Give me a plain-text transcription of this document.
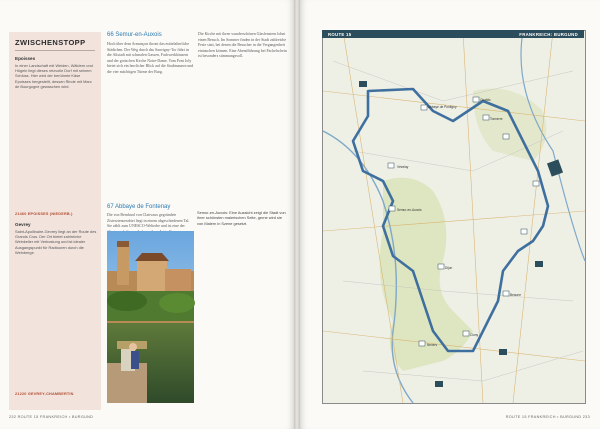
ZWISCHENSTOPP
Epoisses
In einer Landschaft mit Weiden, Wäldern und Hügeln liegt dieses reizvolle Dorf mit seinem Schloss. Hier wird der berühmte Käse Epoisses hergestellt, dessen Rinde mit Marc de Bourgogne gewaschen wird.
21460 EPOISSES (NIEDERB.)
Gevrey
Saint-Apollinaire-Gevrey liegt an der Route des Grands Crus. Der Ort bietet zahlreiche Weinkeller mit Verkostung und ist idealer Ausgangspunkt für Radtouren durch die Weinberge.
21220 GEVREY-CHAMBERTIN
66 Semur-en-Auxois
Hoch über dem Armançon thront das mittelalterliche Städtchen. Der Weg durch das Sauvigny-Tor führt in die Altstadt mit schmalen Gassen, Fachwerkhäusern und der gotischen Kirche Notre-Dame. Vom Pont Joly bietet sich ein herrlicher Blick auf die Stadtmauern und die vier mächtigen Türme der Burg.
Die Kirche mit ihren wunderschönen Glasfenstern lohnt einen Besuch. Im Sommer finden in der Stadt zahlreiche Feste statt, bei denen die Besucher in die Vergangenheit eintauchen können. Eine Abendführung bei Fackelschein ist besonders stimmungsvoll.
67 Abbaye de Fontenay
Die von Bernhard von Clairvaux gegründete Zisterzienserabtei liegt in einem abgeschiedenen Tal. Sie zählt zum UNESCO-Welterbe und ist eine der
Semur-en-Auxois: Eine Aussicht zeigt die Stadt von ihrer schönsten malerischen Seite, gerne wird sie von Malern in Szene gesetzt.
232 ROUTE 15 FRANKREICH • BURGUND
Abbaye de Pontigny
Chablis
Tonnerre
Vézelay
Semur-en-Auxois
Dijon
Beaune
Nevers
Cluny
ROUTE 15	FRANKREICH: BURGUND
ROUTE 15 FRANKREICH • BURGUND 233
